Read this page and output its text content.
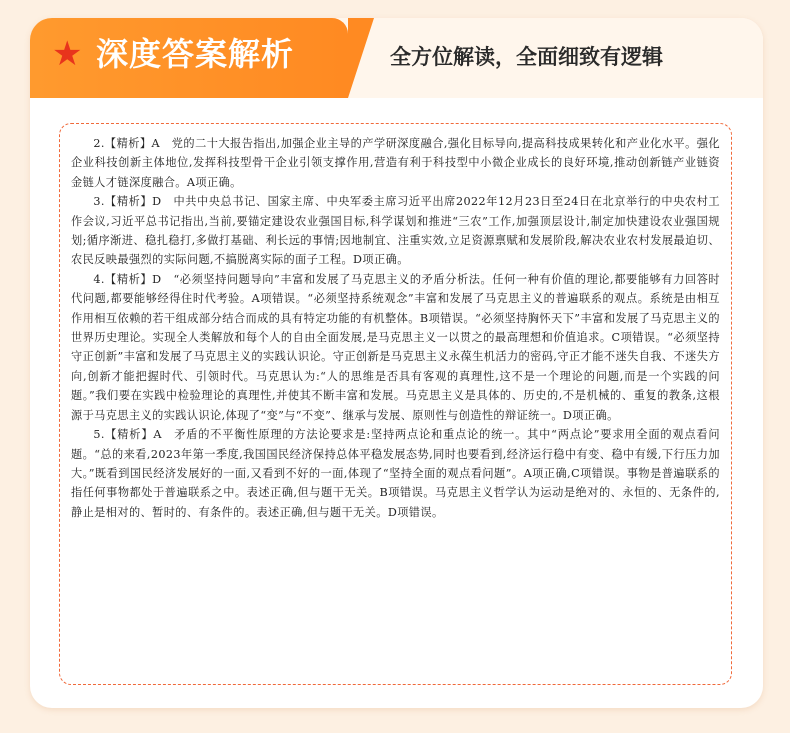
★ 深度答案解析	全方位解读，全面细致有逻辑

2.【精析】A　党的二十大报告指出,加强企业主导的产学研深度融合,强化目标导向,提高科技成果转化和产业化水平。强化企业科技创新主体地位,发挥科技型骨干企业引领支撑作用,营造有利于科技型中小微企业成长的良好环境,推动创新链产业链资金链人才链深度融合。A项正确。

3.【精析】D　中共中央总书记、国家主席、中央军委主席习近平出席2022年12月23日至24日在北京举行的中央农村工作会议,习近平总书记指出,当前,要锚定建设农业强国目标,科学谋划和推进“三农”工作,加强顶层设计,制定加快建设农业强国规划;循序渐进、稳扎稳打,多做打基础、利长远的事情;因地制宜、注重实效,立足资源禀赋和发展阶段,解决农业农村发展最迫切、农民反映最强烈的实际问题,不搞脱离实际的面子工程。D项正确。

4.【精析】D　“必须坚持问题导向”丰富和发展了马克思主义的矛盾分析法。任何一种有价值的理论,都要能够有力回答时代问题,都要能够经得住时代考验。A项错误。“必须坚持系统观念”丰富和发展了马克思主义的普遍联系的观点。系统是由相互作用相互依赖的若干组成部分结合而成的具有特定功能的有机整体。B项错误。“必须坚持胸怀天下”丰富和发展了马克思主义的世界历史理论。实现全人类解放和每个人的自由全面发展,是马克思主义一以贯之的最高理想和价值追求。C项错误。“必须坚持守正创新”丰富和发展了马克思主义的实践认识论。守正创新是马克思主义永葆生机活力的密码,守正才能不迷失自我、不迷失方向,创新才能把握时代、引领时代。马克思认为:“人的思维是否具有客观的真理性,这不是一个理论的问题,而是一个实践的问题。”我们要在实践中检验理论的真理性,并使其不断丰富和发展。马克思主义是具体的、历史的,不是机械的、重复的教条,这根源于马克思主义的实践认识论,体现了“变”与“不变”、继承与发展、原则性与创造性的辩证统一。D项正确。

5.【精析】A　矛盾的不平衡性原理的方法论要求是:坚持两点论和重点论的统一。其中“两点论”要求用全面的观点看问题。“总的来看,2023年第一季度,我国国民经济保持总体平稳发展态势,同时也要看到,经济运行稳中有变、稳中有缓,下行压力加大。”既看到国民经济发展好的一面,又看到不好的一面,体现了“坚持全面的观点看问题”。A项正确,C项错误。事物是普遍联系的指任何事物都处于普遍联系之中。表述正确,但与题干无关。B项错误。马克思主义哲学认为运动是绝对的、永恒的、无条件的,静止是相对的、暂时的、有条件的。表述正确,但与题干无关。D项错误。
